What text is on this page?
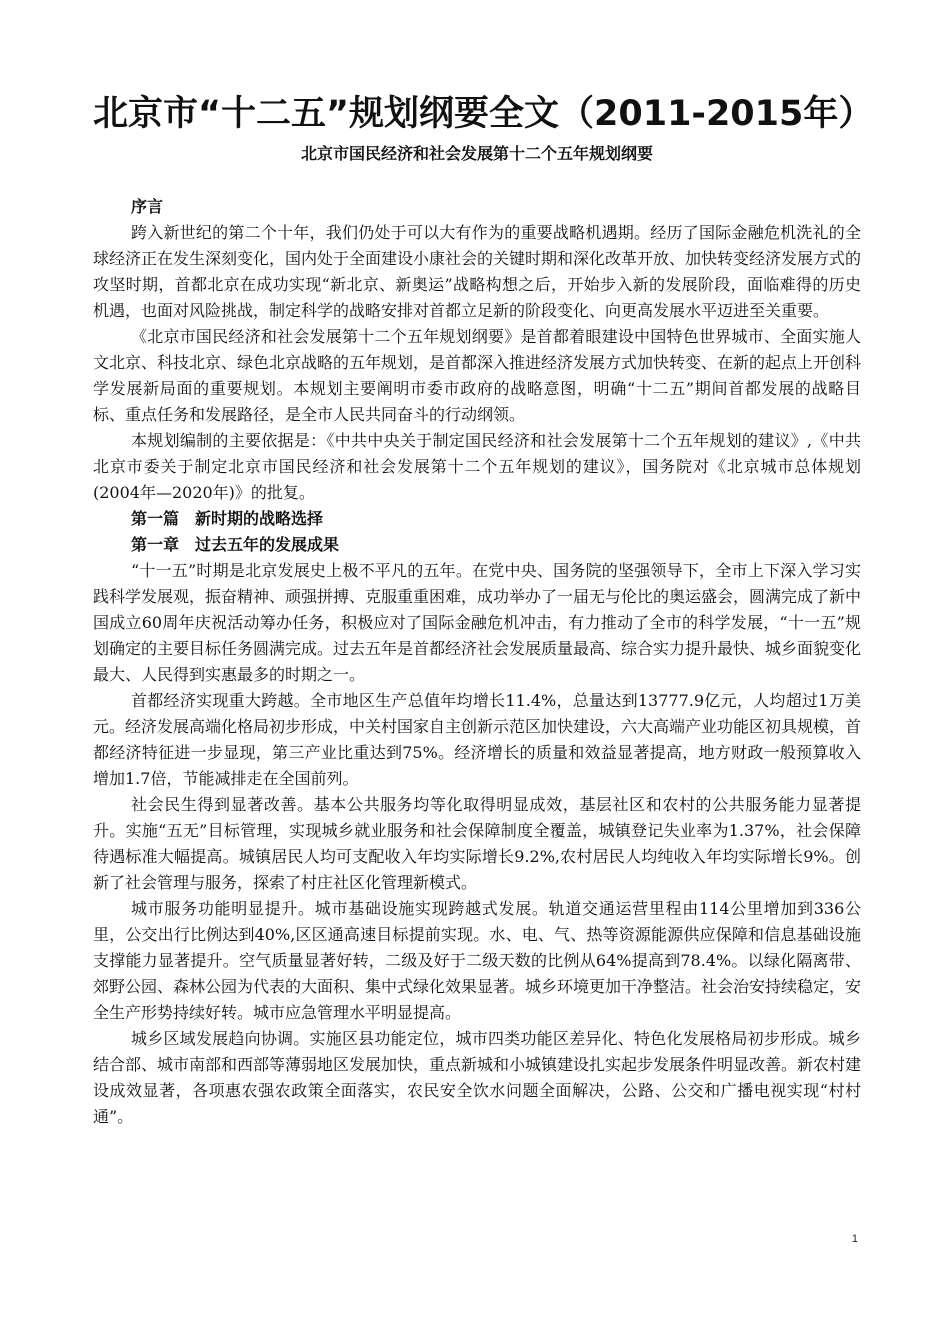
北京市“十二五”规划纲要全文（2011-2015年）
北京市国民经济和社会发展第十二个五年规划纲要
序言

跨入新世纪的第二个十年，我们仍处于可以大有作为的重要战略机遇期。经历了国际金融危机洗礼的全球经济正在发生深刻变化，国内处于全面建设小康社会的关键时期和深化改革开放、加快转变经济发展方式的攻坚时期，首都北京在成功实现“新北京、新奥运”战略构想之后，开始步入新的发展阶段，面临难得的历史机遇，也面对风险挑战，制定科学的战略安排对首都立足新的阶段变化、向更高发展水平迈进至关重要。

《北京市国民经济和社会发展第十二个五年规划纲要》是首都着眼建设中国特色世界城市、全面实施人文北京、科技北京、绿色北京战略的五年规划，是首都深入推进经济发展方式加快转变、在新的起点上开创科学发展新局面的重要规划。本规划主要阐明市委市政府的战略意图，明确“十二五”期间首都发展的战略目标、重点任务和发展路径，是全市人民共同奋斗的行动纲领。

本规划编制的主要依据是：《中共中央关于制定国民经济和社会发展第十二个五年规划的建议》,《中共北京市委关于制定北京市国民经济和社会发展第十二个五年规划的建议》，国务院对《北京城市总体规划(2004年—2020年)》的批复。

第一篇　新时期的战略选择
第一章　过去五年的发展成果

“十一五”时期是北京发展史上极不平凡的五年。在党中央、国务院的坚强领导下，全市上下深入学习实践科学发展观，振奋精神、顽强拼搏、克服重重困难，成功举办了一届无与伦比的奥运盛会，圆满完成了新中国成立60周年庆祝活动筹办任务，积极应对了国际金融危机冲击，有力推动了全市的科学发展，“十一五”规划确定的主要目标任务圆满完成。过去五年是首都经济社会发展质量最高、综合实力提升最快、城乡面貌变化最大、人民得到实惠最多的时期之一。

首都经济实现重大跨越。全市地区生产总值年均增长11.4%，总量达到13777.9亿元，人均超过1万美元。经济发展高端化格局初步形成，中关村国家自主创新示范区加快建设，六大高端产业功能区初具规模，首都经济特征进一步显现，第三产业比重达到75%。经济增长的质量和效益显著提高，地方财政一般预算收入增加1.7倍，节能减排走在全国前列。

社会民生得到显著改善。基本公共服务均等化取得明显成效，基层社区和农村的公共服务能力显著提升。实施“五无”目标管理，实现城乡就业服务和社会保障制度全覆盖，城镇登记失业率为1.37%，社会保障待遇标准大幅提高。城镇居民人均可支配收入年均实际增长9.2%,农村居民人均纯收入年均实际增长9%。创新了社会管理与服务，探索了村庄社区化管理新模式。

城市服务功能明显提升。城市基础设施实现跨越式发展。轨道交通运营里程由114公里增加到336公里，公交出行比例达到40%,区区通高速目标提前实现。水、电、气、热等资源能源供应保障和信息基础设施支撑能力显著提升。空气质量显著好转，二级及好于二级天数的比例从64%提高到78.4%。以绿化隔离带、郊野公园、森林公园为代表的大面积、集中式绿化效果显著。城乡环境更加干净整洁。社会治安持续稳定，安全生产形势持续好转。城市应急管理水平明显提高。

城乡区域发展趋向协调。实施区县功能定位，城市四类功能区差异化、特色化发展格局初步形成。城乡结合部、城市南部和西部等薄弱地区发展加快，重点新城和小城镇建设扎实起步发展条件明显改善。新农村建设成效显著，各项惠农强农政策全面落实，农民安全饮水问题全面解决，公路、公交和广播电视实现“村村通”。

1
